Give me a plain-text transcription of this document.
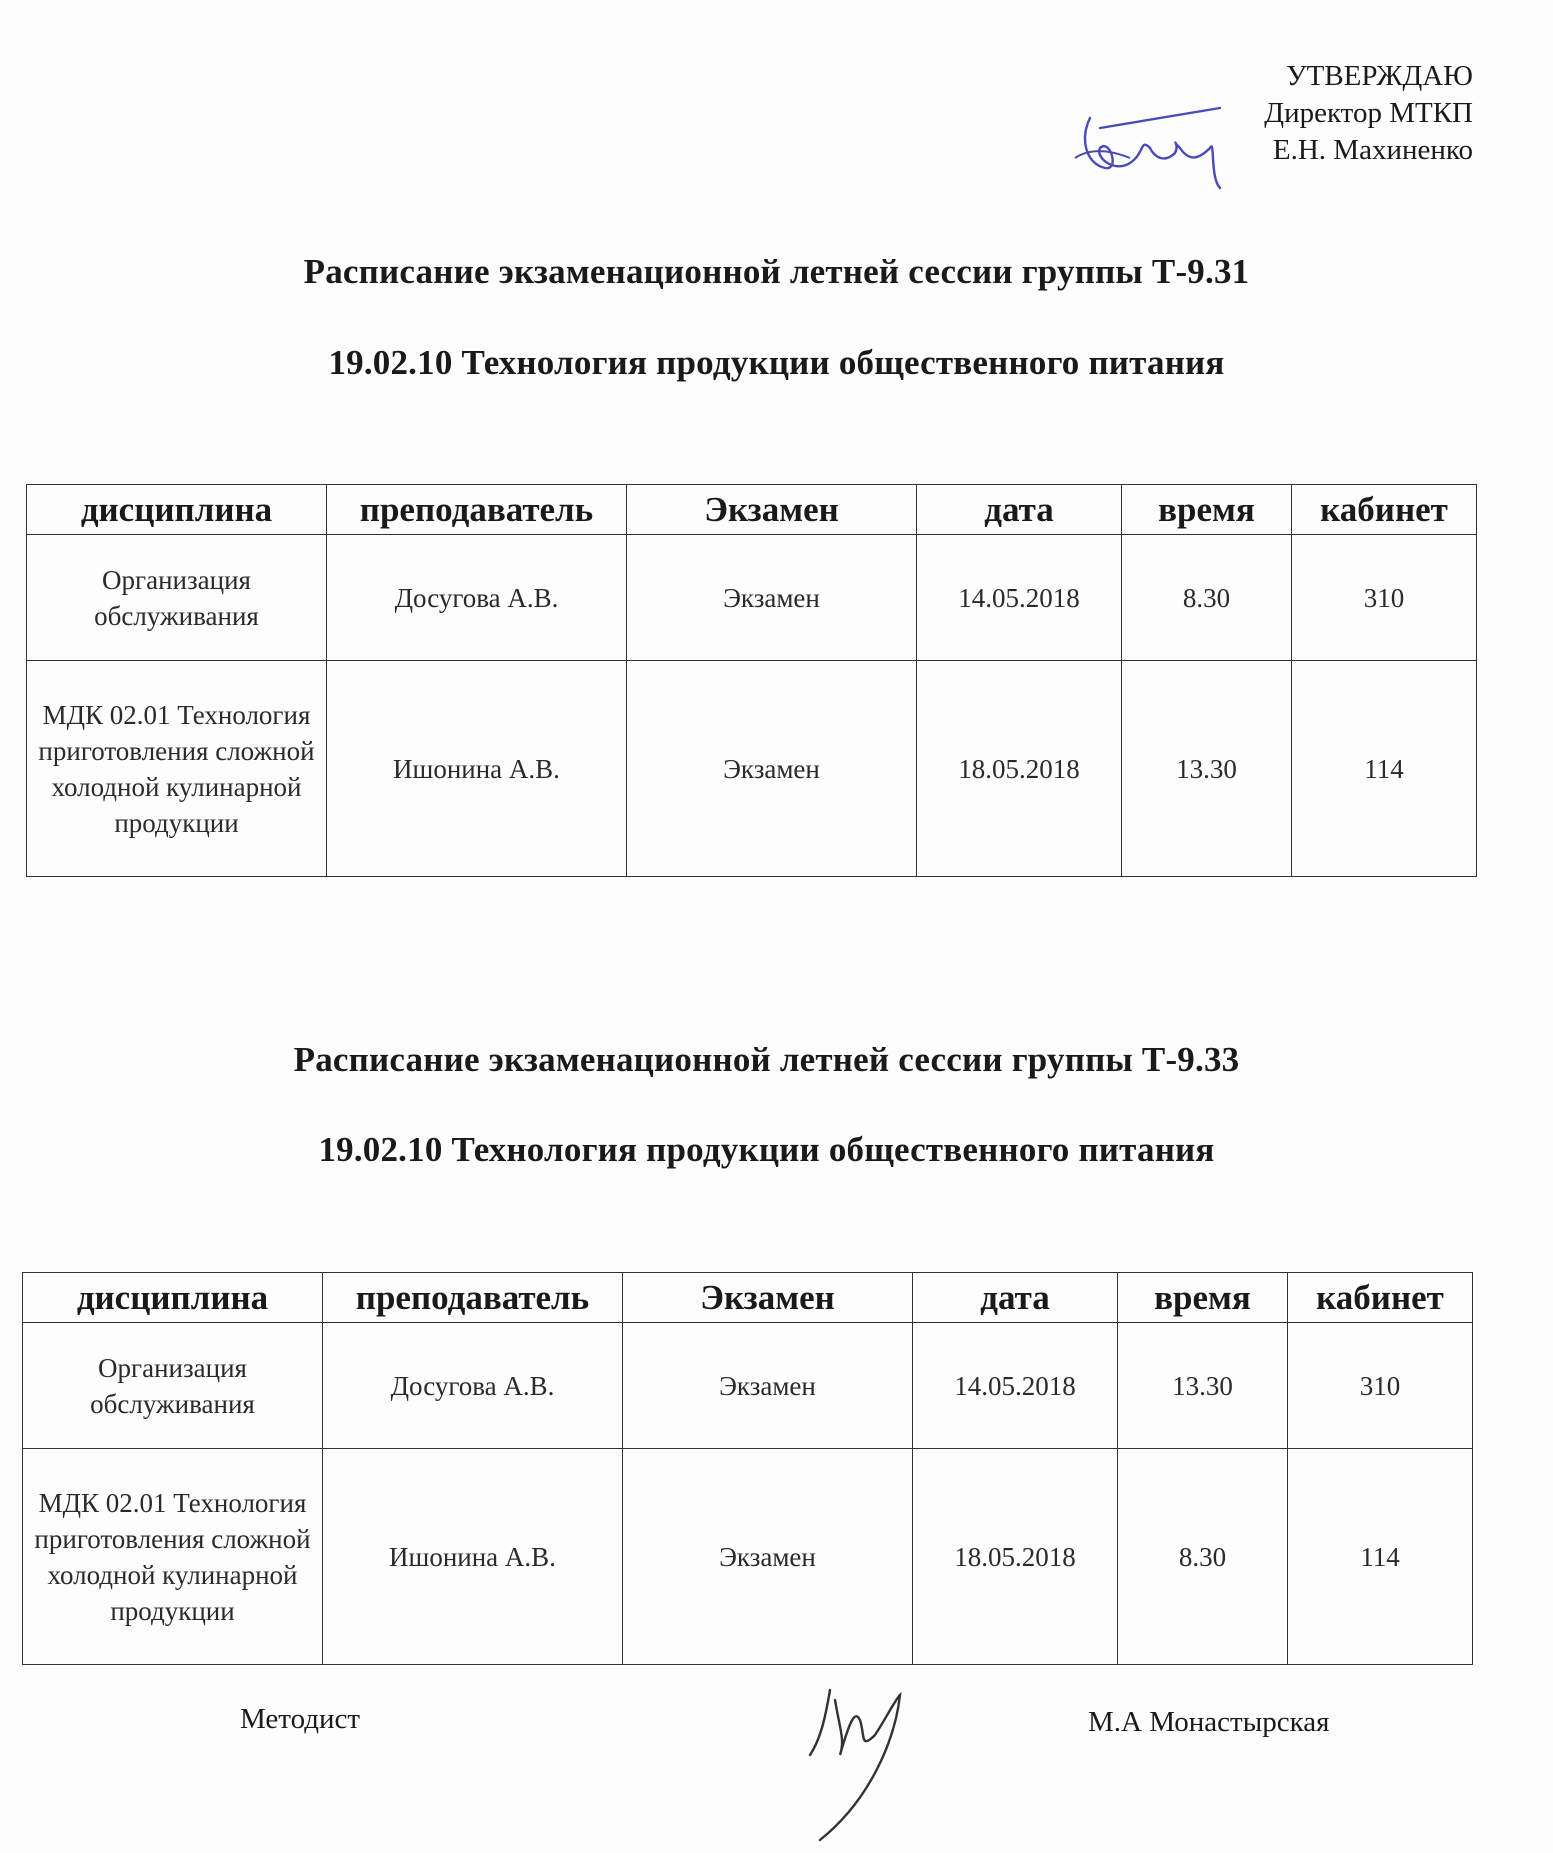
УТВЕРЖДАЮ
Директор МТКП
Е.Н. Махиненко
Расписание экзаменационной летней сессии группы Т-9.31
19.02.10 Технология продукции общественного питания
дисциплина	преподаватель	Экзамен	дата	время	кабинет
Организация обслуживания	Досугова А.В.	Экзамен	14.05.2018	8.30	310
МДК 02.01 Технология приготовления сложной холодной кулинарной продукции	Ишонина А.В.	Экзамен	18.05.2018	13.30	114
Расписание экзаменационной летней сессии группы Т-9.33
19.02.10 Технология продукции общественного питания
дисциплина	преподаватель	Экзамен	дата	время	кабинет
Организация обслуживания	Досугова А.В.	Экзамен	14.05.2018	13.30	310
МДК 02.01 Технология приготовления сложной холодной кулинарной продукции	Ишонина А.В.	Экзамен	18.05.2018	8.30	114
Методист	М.А Монастырская
